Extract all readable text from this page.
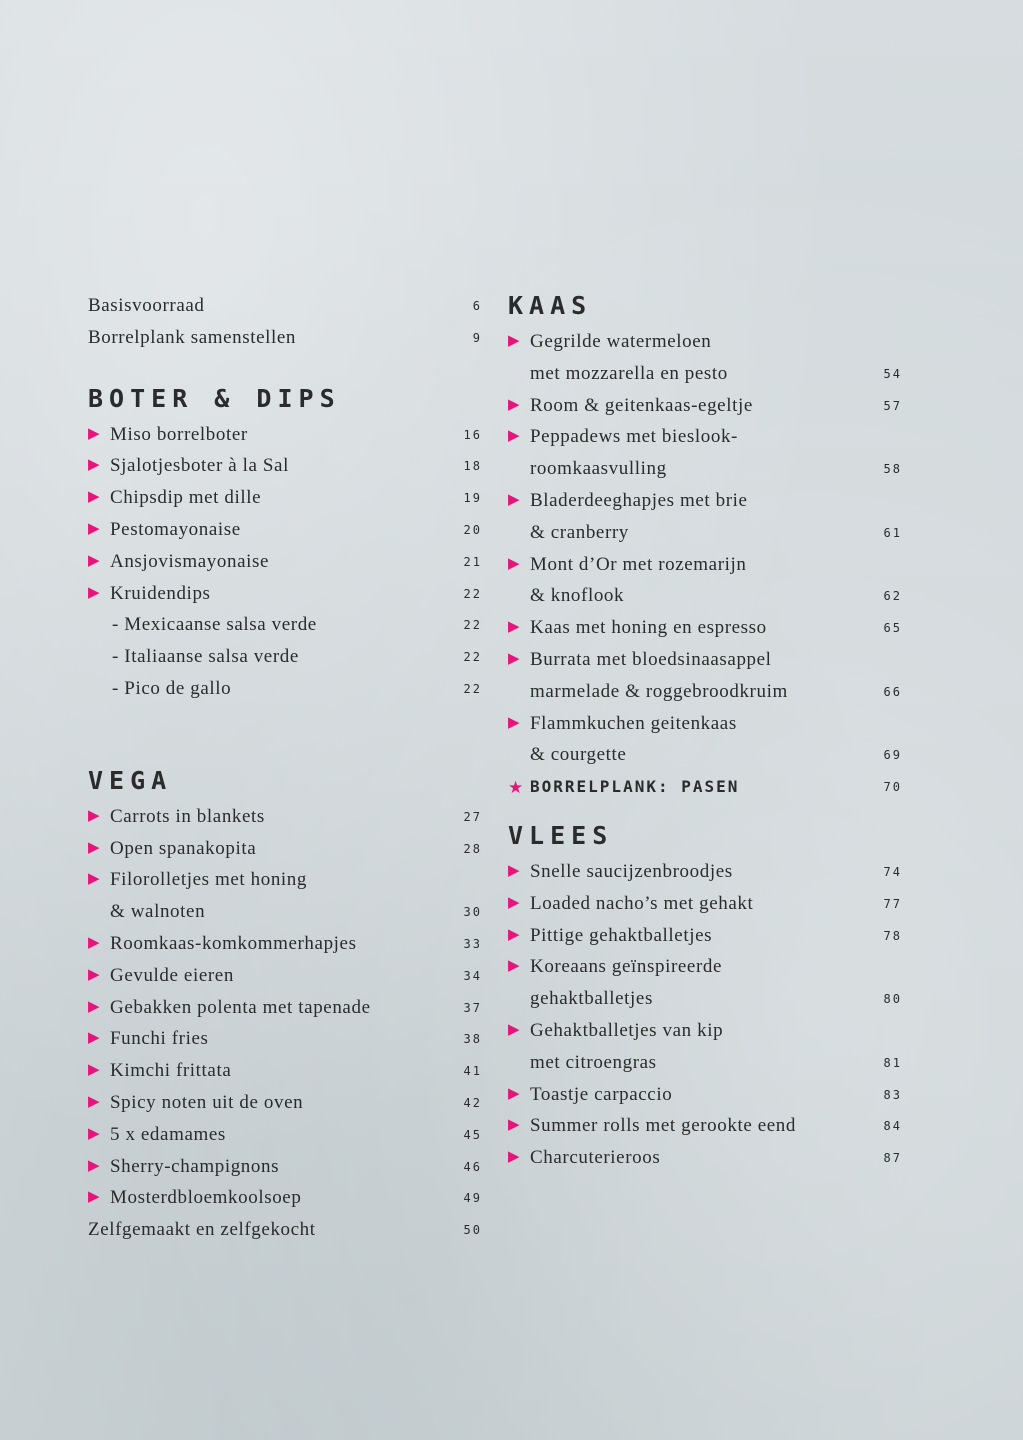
Basisvoorraad	6
Borrelplank samenstellen	9
BOTER & DIPS
▶ Miso borrelboter	16
▶ Sjalotjesboter à la Sal	18
▶ Chipsdip met dille	19
▶ Pestomayonaise	20
▶ Ansjovismayonaise	21
▶ Kruidendips	22
- Mexicaanse salsa verde	22
- Italiaanse salsa verde	22
- Pico de gallo	22
VEGA
▶ Carrots in blankets	27
▶ Open spanakopita	28
▶ Filorolletjes met honing
& walnoten	30
▶ Roomkaas-komkommerhapjes	33
▶ Gevulde eieren	34
▶ Gebakken polenta met tapenade	37
▶ Funchi fries	38
▶ Kimchi frittata	41
▶ Spicy noten uit de oven	42
▶ 5 x edamames	45
▶ Sherry-champignons	46
▶ Mosterdbloemkoolsoep	49
Zelfgemaakt en zelfgekocht	50
KAAS
▶ Gegrilde watermeloen
met mozzarella en pesto	54
▶ Room & geitenkaas-egeltje	57
▶ Peppadews met bieslook-
roomkaasvulling	58
▶ Bladerdeeghapjes met brie
& cranberry	61
▶ Mont d’Or met rozemarijn
& knoflook	62
▶ Kaas met honing en espresso	65
▶ Burrata met bloedsinaasappel
marmelade & roggebroodkruim	66
▶ Flammkuchen geitenkaas
& courgette	69
★ BORRELPLANK: PASEN	70
VLEES
▶ Snelle saucijzenbroodjes	74
▶ Loaded nacho’s met gehakt	77
▶ Pittige gehaktballetjes	78
▶ Koreaans geïnspireerde
gehaktballetjes	80
▶ Gehaktballetjes van kip
met citroengras	81
▶ Toastje carpaccio	83
▶ Summer rolls met gerookte eend	84
▶ Charcuterieroos	87
